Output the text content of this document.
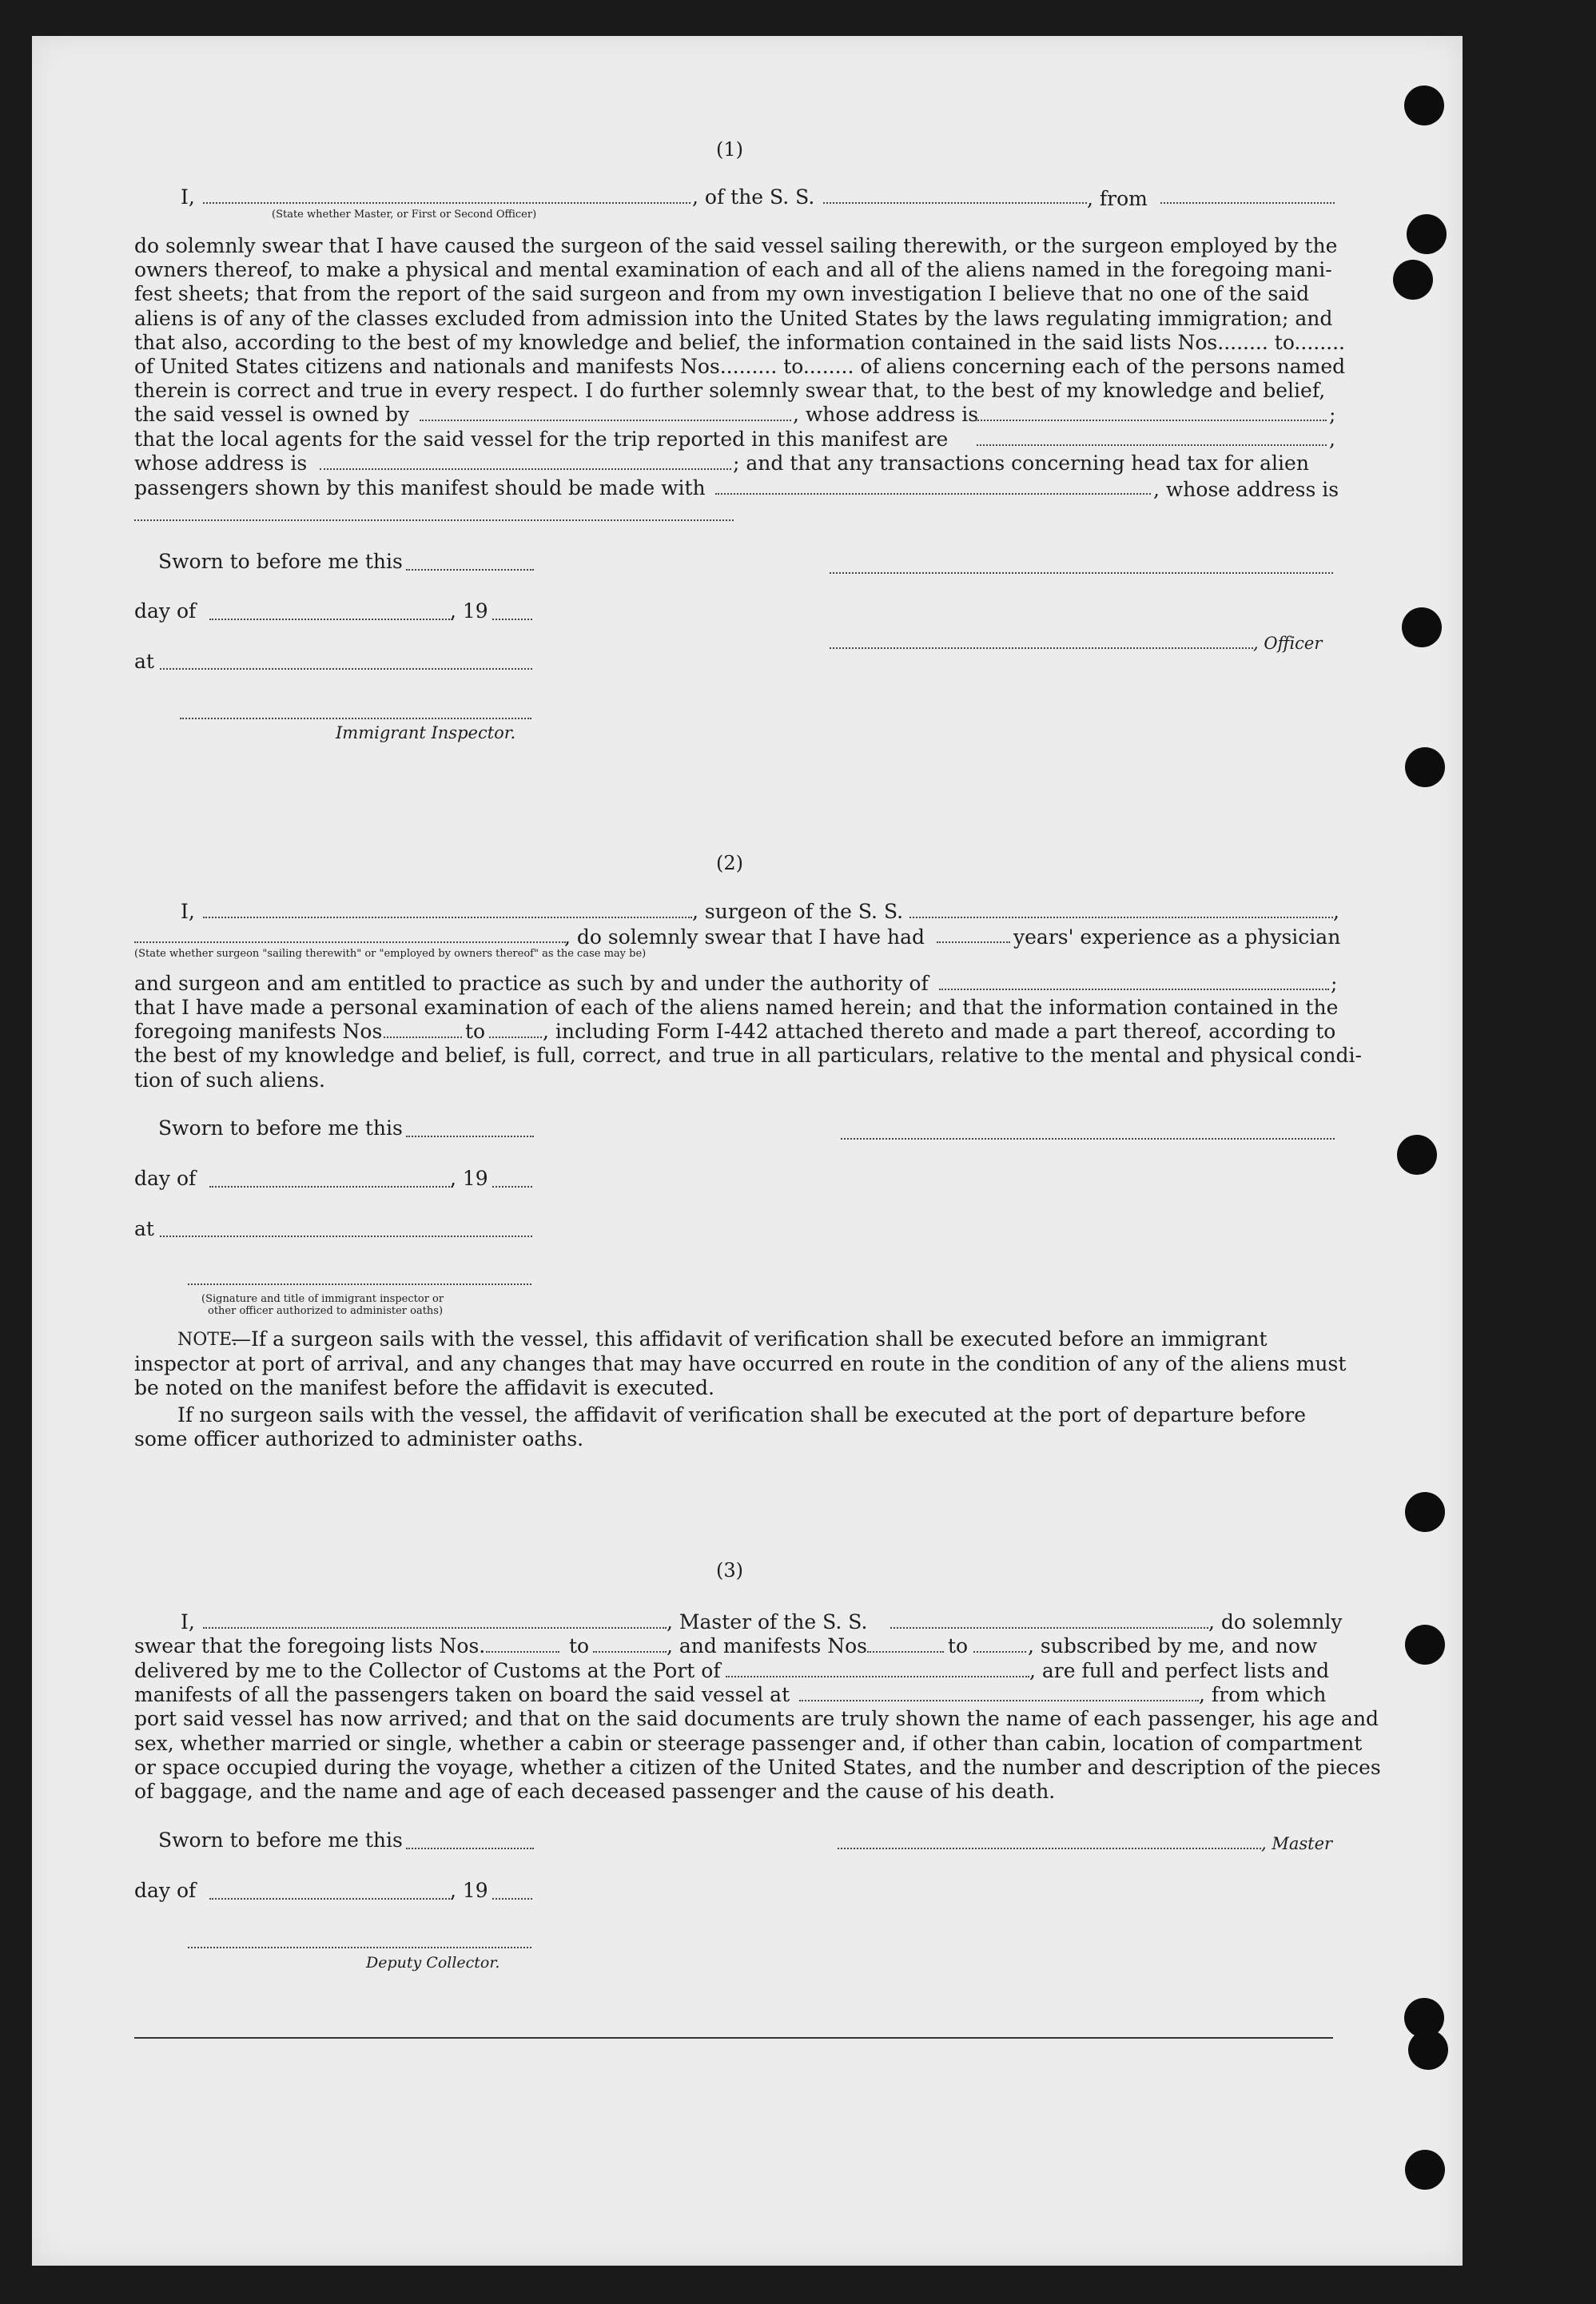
(1)
I,	, of the S. S.	, from
(State whether Master, or First or Second Officer)
do solemnly swear that I have caused the surgeon of the said vessel sailing therewith, or the surgeon employed by the
owners thereof, to make a physical and mental examination of each and all of the aliens named in the foregoing mani-
fest sheets; that from the report of the said surgeon and from my own investigation I believe that no one of the said
aliens is of any of the classes excluded from admission into the United States by the laws regulating immigration; and
that also, according to the best of my knowledge and belief, the information contained in the said lists Nos........ to........
of United States citizens and nationals and manifests Nos......... to........ of aliens concerning each of the persons named
therein is correct and true in every respect. I do further solemnly swear that, to the best of my knowledge and belief,
the said vessel is owned by	, whose address is	;
that the local agents for the said vessel for the trip reported in this manifest are	,
whose address is	; and that any transactions concerning head tax for alien
passengers shown by this manifest should be made with	, whose address is
Sworn to before me this
day of	, 19
, Officer
at
Immigrant Inspector.
(2)
I,	, surgeon of the S. S.	,
, do solemnly swear that I have had	years' experience as a physician
(State whether surgeon "sailing therewith" or "employed by owners thereof" as the case may be)
and surgeon and am entitled to practice as such by and under the authority of	;
that I have made a personal examination of each of the aliens named herein; and that the information contained in the
foregoing manifests Nos	to	, including Form I-442 attached thereto and made a part thereof, according to
the best of my knowledge and belief, is full, correct, and true in all particulars, relative to the mental and physical condi-
tion of such aliens.
Sworn to before me this
day of	, 19
at
(Signature and title of immigrant inspector or
other officer authorized to administer oaths)
NOTE.
—If a surgeon sails with the vessel, this affidavit of verification shall be executed before an immigrant
inspector at port of arrival, and any changes that may have occurred en route in the condition of any of the aliens must
be noted on the manifest before the affidavit is executed.
If no surgeon sails with the vessel, the affidavit of verification shall be executed at the port of departure before
some officer authorized to administer oaths.
(3)
I,	, Master of the S. S.	, do solemnly
swear that the foregoing lists Nos.	to	, and manifests Nos	to	, subscribed by me, and now
delivered by me to the Collector of Customs at the Port of	, are full and perfect lists and
manifests of all the passengers taken on board the said vessel at	, from which
port said vessel has now arrived; and that on the said documents are truly shown the name of each passenger, his age and
sex, whether married or single, whether a cabin or steerage passenger and, if other than cabin, location of compartment
or space occupied during the voyage, whether a citizen of the United States, and the number and description of the pieces
of baggage, and the name and age of each deceased passenger and the cause of his death.
Sworn to before me this	, Master
day of	, 19
Deputy Collector.
